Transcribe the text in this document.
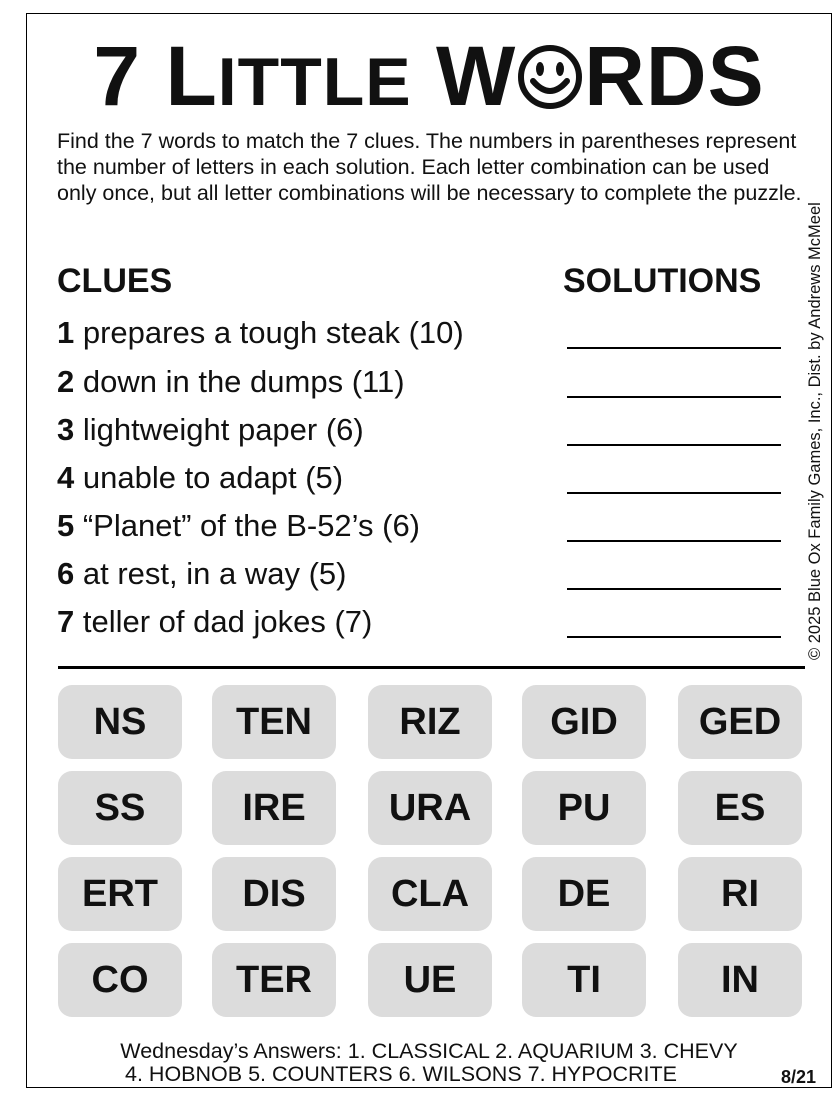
7 LITTLE W RDS
Find the 7 words to match the 7 clues. The numbers in parentheses represent the number of letters in each solution. Each letter combination can be used only once, but all letter combinations will be necessary to complete the puzzle.
CLUES	SOLUTIONS
1 prepares a tough steak (10)
2 down in the dumps (11)
3 lightweight paper (6)
4 unable to adapt (5)
5 “Planet” of the B-52’s (6)
6 at rest, in a way (5)
7 teller of dad jokes (7)	© 2025 Blue Ox Family Games, Inc., Dist. by Andrews McMeel
NS	TEN	RIZ	GID	GED
SS	IRE	URA	PU	ES
ERT	DIS	CLA	DE	RI
CO	TER	UE	TI	IN
Wednesday’s Answers: 1. CLASSICAL 2. AQUARIUM 3. CHEVY
4. HOBNOB 5. COUNTERS 6. WILSONS 7. HYPOCRITE	8/21
